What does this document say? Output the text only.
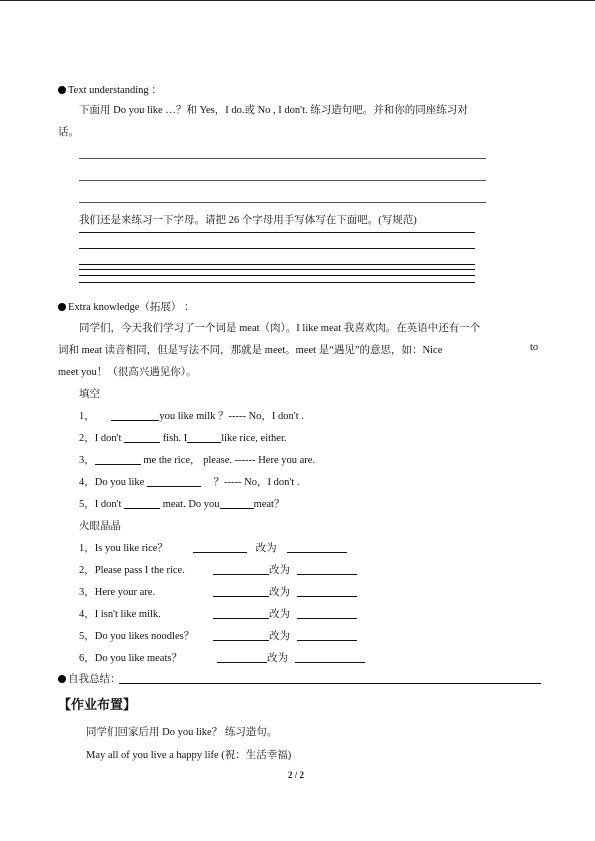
Text understanding ：
下面用 Do you like …？和 Yes，I do.或 No , I don't. 练习造句吧。并和你的同座练习对
话。
我们还是来练习一下字母。请把 26 个字母用手写体写在下面吧。(写规范)
Extra knowledge（拓展） ：
同学们，今天我们学习了一个词是 meat（肉）。I like meat 我喜欢肉。在英语中还有一个
词和 meat 读音相同，但是写法不同，那就是 meet。meet 是“遇见”的意思，如：Nice	to
meet you！（很高兴遇见你）。
填空
1，	you like milk ？----- No，I don't .
2，I don't	fish. I	like rice, either.
3，	me the rice， please. ------ Here you are.
4，Do you like	？----- No，I don't .
5，I don't	meat. Do you	meat？
火眼晶晶
1，Is you like rice？	改为
2，Please pass I the rice.	改为
3，Here your are.	改为
4，I isn't like milk.	改为
5，Do you likes noodles？	改为
6，Do you like meats？	改为
自我总结：
【作业布置】
同学们回家后用 Do you like？ 练习造句。
May all of you live a happy life (祝：生活幸福)
2 / 2
